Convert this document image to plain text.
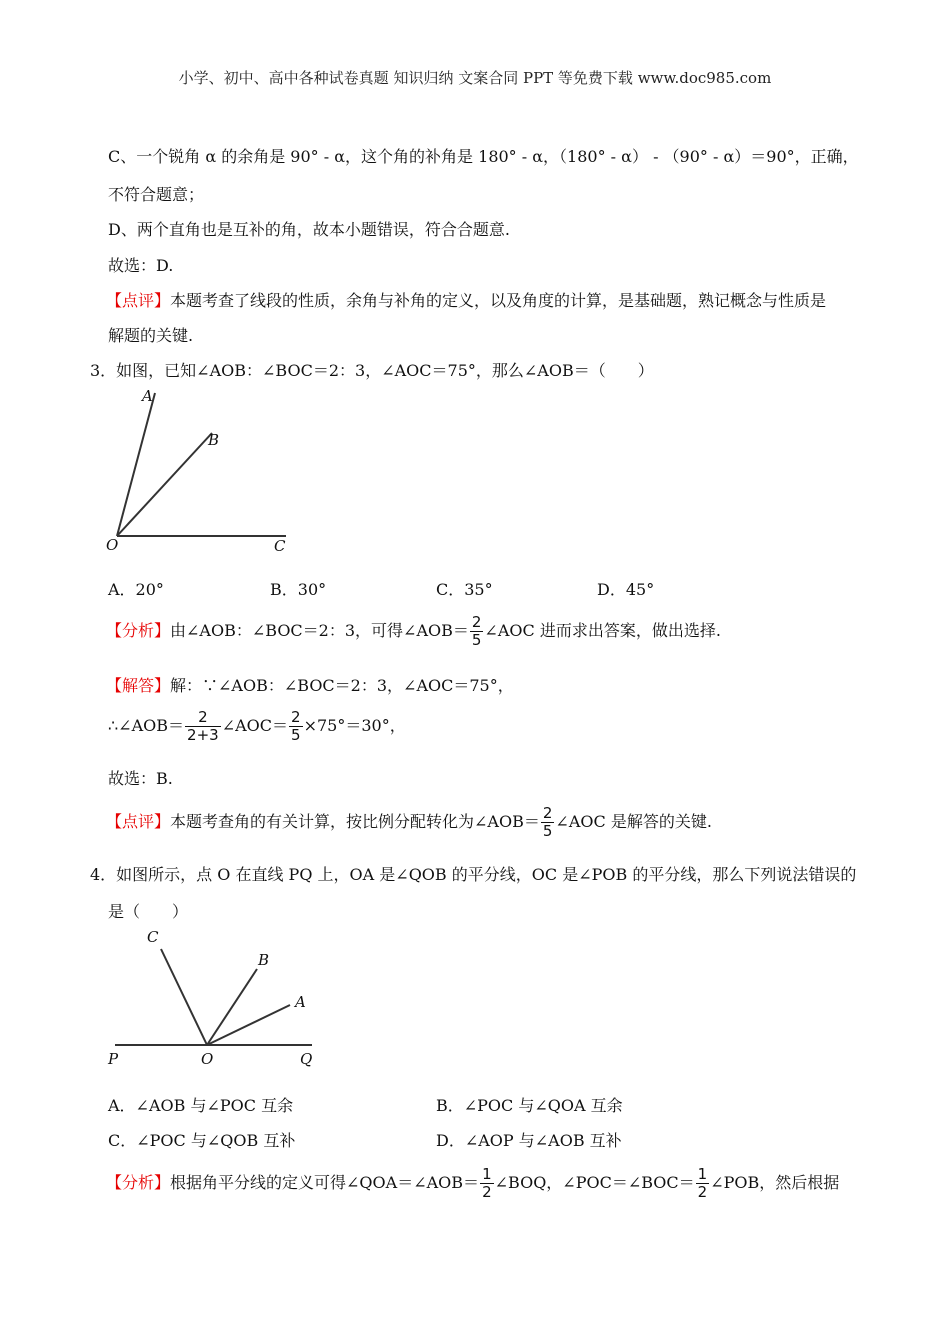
小学、初中、高中各种试卷真题 知识归纳 文案合同 PPT 等免费下载 www.doc985.com
C、一个锐角 α 的余角是 90° - α，这个角的补角是 180° - α，（180° - α） - （90° - α）＝90°，正确，
不符合题意；
D、两个直角也是互补的角，故本小题错误，符合合题意.
故选：D.
【点评】本题考查了线段的性质，余角与补角的定义，以及角度的计算，是基础题，熟记概念与性质是
解题的关键.
3．如图，已知∠AOB：∠BOC＝2：3，∠AOC＝75°，那么∠AOB＝（　　）
A
B
O	C
A．20°	B．30°	C．35°	D．45°
【分析】由∠AOB：∠BOC＝2：3，可得∠AOB＝ $\frac{2}{5}$ ∠AOC 进而求出答案，做出选择.
【解答】解：∵∠AOB：∠BOC＝2：3，∠AOC＝75°，
∴∠AOB＝ $\frac{2}{2+3}$ ∠AOC＝ $\frac{2}{5} \times 75^\circ=30^\circ$，
故选：B.
【点评】本题考查角的有关计算，按比例分配转化为∠AOB＝ $\frac{2}{5}$ ∠AOC 是解答的关键.
4．如图所示，点 O 在直线 PQ 上，OA 是∠QOB 的平分线，OC 是∠POB 的平分线，那么下列说法错误的
是（　　）
C
B
A
P	O	Q
A．∠AOB 与∠POC 互余	B．∠POC 与∠QOA 互余
C．∠POC 与∠QOB 互补	D．∠AOP 与∠AOB 互补
【分析】根据角平分线的定义可得∠QOA＝∠AOB＝ $\frac{1}{2}$ ∠BOQ，∠POC＝∠BOC＝ $\frac{1}{2}$ ∠POB，然后根据
